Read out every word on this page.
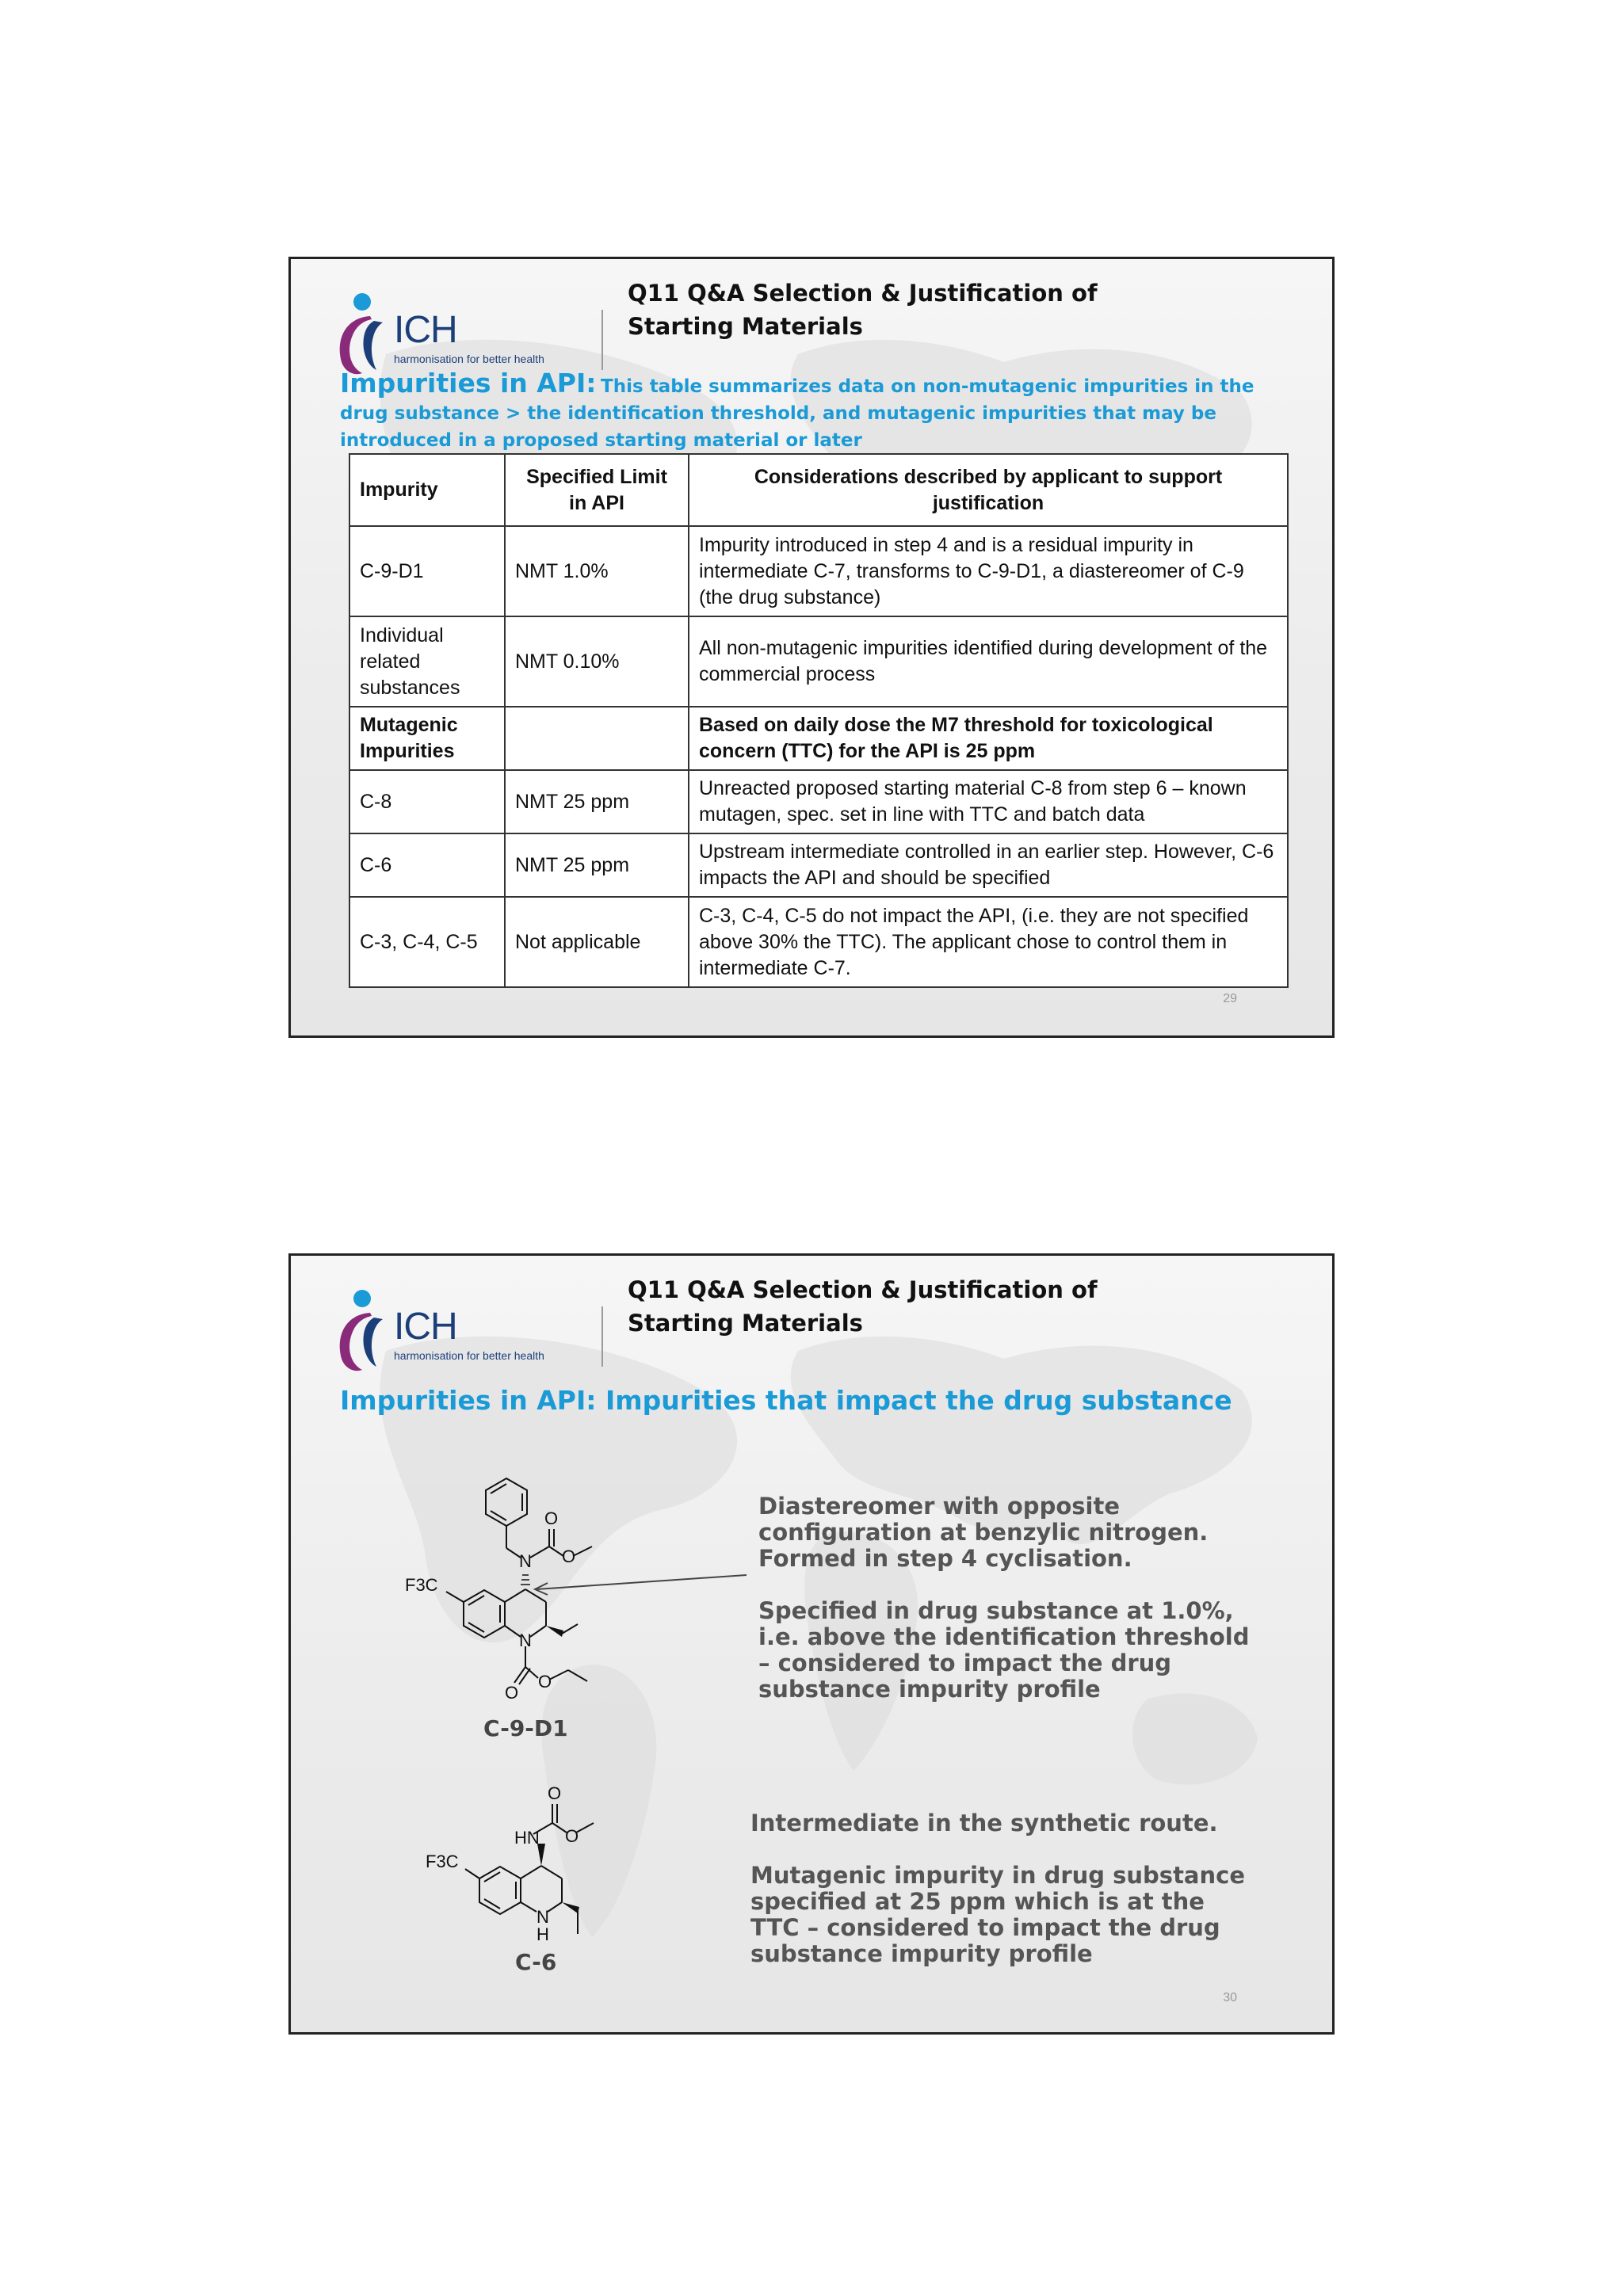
ICH
harmonisation for better health
Q11 Q&A Selection & Justification of
Starting Materials
Impurities in API: This table summarizes data on non-mutagenic impurities in the drug substance > the identification threshold, and mutagenic impurities that may be introduced in a proposed starting material or later
Impurity	Specified Limit in API	Considerations described by applicant to support justification
C-9-D1	NMT 1.0%	Impurity introduced in step 4 and is a residual impurity in intermediate C-7, transforms to C-9-D1, a diastereomer of C-9 (the drug substance)
Individual related substances	NMT 0.10%	All non-mutagenic impurities identified during development of the commercial process
Mutagenic Impurities		Based on daily dose the M7 threshold for toxicological concern (TTC) for the API is 25 ppm
C-8	NMT 25 ppm	Unreacted proposed starting material C-8 from step 6 – known mutagen, spec. set in line with TTC and batch data
C-6	NMT 25 ppm	Upstream intermediate controlled in an earlier step. However, C-6 impacts the API and should be specified
C-3, C-4, C-5	Not applicable	C-3, C-4, C-5 do not impact the API, (i.e. they are not specified above 30% the TTC). The applicant chose to control them in intermediate C-7.
29
ICH
harmonisation for better health
Q11 Q&A Selection & Justification of
Starting Materials
Impurities in API: Impurities that impact the drug substance
N
O
O
N
O
O
F3C
C-9-D1

Diastereomer with opposite configuration at benzylic nitrogen. Formed in step 4 cyclisation.

Specified in drug substance at 1.0%, i.e. above the identification threshold – considered to impact the drug substance impurity profile

HN
O
O
N
H
F3C
C-6

Intermediate in the synthetic route.

Mutagenic impurity in drug substance specified at 25 ppm which is at the TTC – considered to impact the drug substance impurity profile

30
